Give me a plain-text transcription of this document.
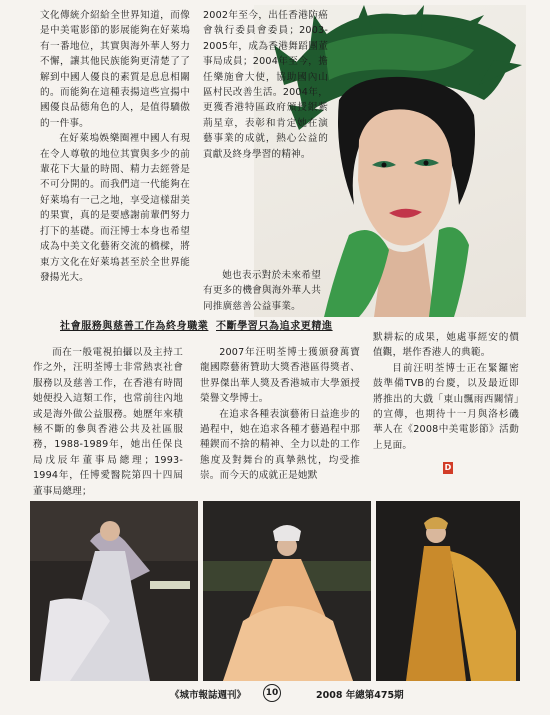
文化傳統介紹給全世界知道，而像是中美電影節的影展能夠在好萊塢有一番地位，其實與海外華人努力不懈，讓其他民族能夠更清楚了了解到中國人優良的素質是息息相關的。而能夠在這種表揚這些宣揚中國優良品德角色的人，是值得驕傲的一件事。

在好萊塢娛樂圈裡中國人有現在令人尊敬的地位其實與多少的前輩花下大量的時間、精力去經營是不可分開的。而我們這一代能夠在好萊塢有一己之地，享受這樣甜美的果實，真的是要感謝前輩們努力打下的基礎。而汪博士本身也希望成為中美文化藝術交流的橋樑，將東方文化在好萊塢甚至於全世界能發揚光大。

2002年至今，出任香港防癌會執行委員會委員；2003-2005年，成為香港舞蹈團董事局成員；2004年至今，擔任樂施會大使，協助國內山區村民改善生活。2004年，更獲香港特區政府頒授銀紫荊星章，表彰和肯定她在演藝事業的成就，熱心公益的貢獻及終身學習的精神。

她也表示對於未來希望有更多的機會與海外華人共同推廣慈善公益事業。

社會服務與慈善工作為終身職業 不斷學習只為追求更精進

而在一般電視拍攝以及主持工作之外，汪明荃博士非常熱衷社會服務以及慈善工作，在香港有時間她便投入這類工作，也常前往內地或是海外做公益服務。她歷年來積極不斷的參與香港公共及社區服務，1988-1989年，她出任保良局戊辰年董事局總理；1993-1994年，任博愛醫院第四十四屆董事局總理；

2007年汪明荃博士獲頒發萬寶龍國際藝術贊助大獎香港區得獎者、世界傑出華人獎及香港城市大學頒授榮譽文學博士。

在追求各種表演藝術日益進步的過程中，她在追求各種才藝過程中那種鍥而不捨的精神、全力以赴的工作態度及對舞台的真摯熱忱，均受推崇。而今天的成就正是她默

默耕耘的成果，她處事經安的價值觀，堪作香港人的典範。

目前汪明荃博士正在緊鑼密鼓準備TVB的台慶，以及最近即將推出的大戲「東山飄雨西關情」的宣傳，也期待十一月與洛杉磯華人在《2008中美電影節》活動上見面。

D
《城市報誌週刊》	10	2008 年總第475期
